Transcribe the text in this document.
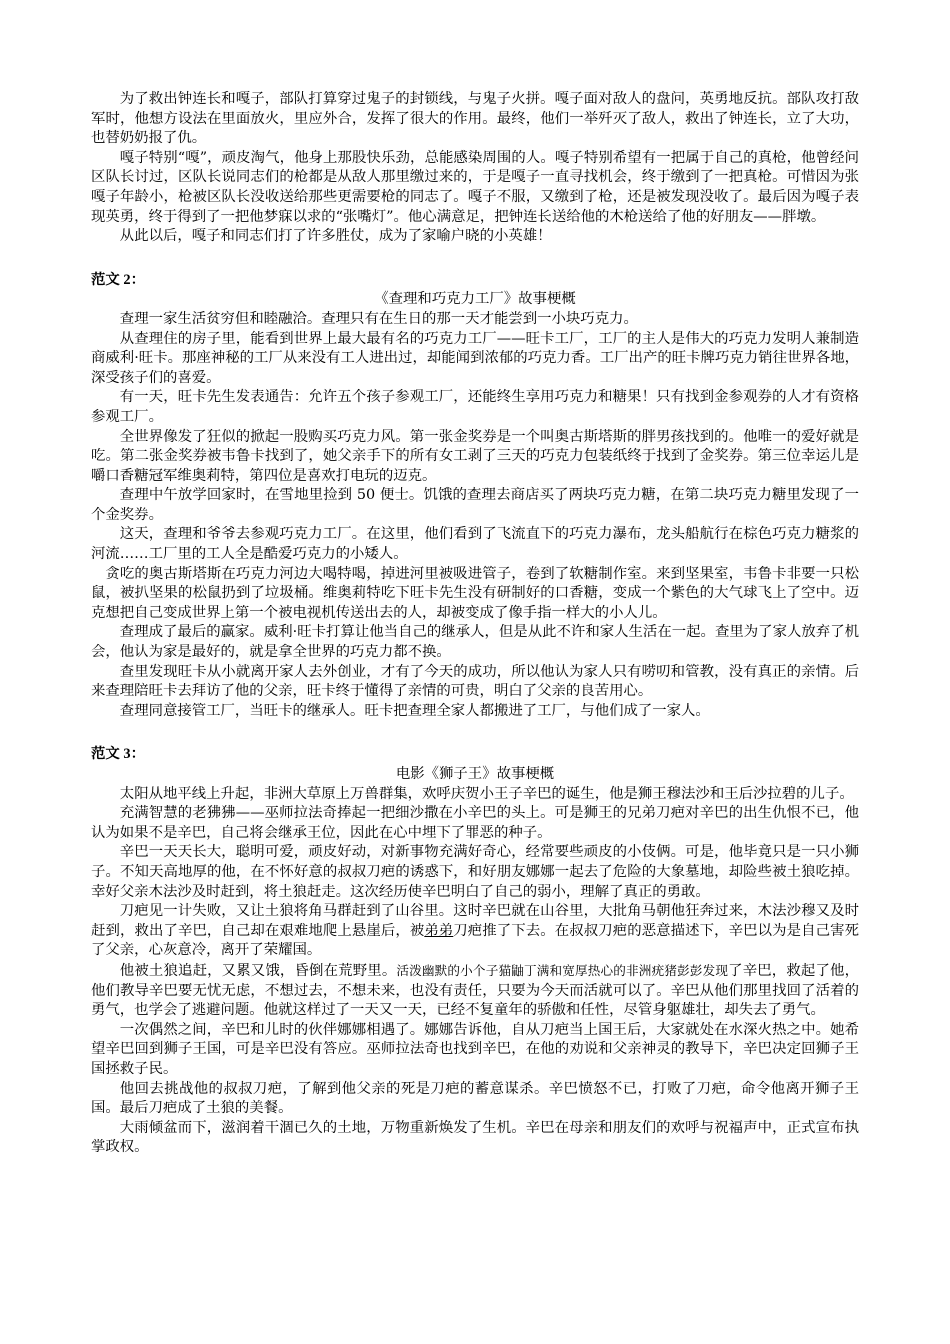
为了救出钟连长和嘎子，部队打算穿过鬼子的封锁线，与鬼子火拼。嘎子面对敌人的盘问，英勇地反抗。部队攻打敌军时，他想方设法在里面放火，里应外合，发挥了很大的作用。最终，他们一举歼灭了敌人，救出了钟连长，立了大功，也替奶奶报了仇。

嘎子特别“嘎”，顽皮淘气，他身上那股快乐劲，总能感染周围的人。嘎子特别希望有一把属于自己的真枪，他曾经问区队长讨过，区队长说同志们的枪都是从敌人那里缴过来的，于是嘎子一直寻找机会，终于缴到了一把真枪。可惜因为张嘎子年龄小，枪被区队长没收送给那些更需要枪的同志了。嘎子不服，又缴到了枪，还是被发现没收了。最后因为嘎子表现英勇，终于得到了一把他梦寐以求的“张嘴灯”。他心满意足，把钟连长送给他的木枪送给了他的好朋友——胖墩。

从此以后，嘎子和同志们打了许多胜仗，成为了家喻户晓的小英雄！

范文 2：

《查理和巧克力工厂》故事梗概

查理一家生活贫穷但和睦融洽。查理只有在生日的那一天才能尝到一小块巧克力。

从查理住的房子里，能看到世界上最大最有名的巧克力工厂——旺卡工厂，工厂的主人是伟大的巧克力发明人兼制造商威利·旺卡。那座神秘的工厂从来没有工人进出过，却能闻到浓郁的巧克力香。工厂出产的旺卡牌巧克力销往世界各地，深受孩子们的喜爱。

有一天，旺卡先生发表通告：允许五个孩子参观工厂，还能终生享用巧克力和糖果！只有找到金参观券的人才有资格参观工厂。

全世界像发了狂似的掀起一股购买巧克力风。第一张金奖券是一个叫奥古斯塔斯的胖男孩找到的。他唯一的爱好就是吃。第二张金奖券被韦鲁卡找到了，她父亲手下的所有女工剥了三天的巧克力包装纸终于找到了金奖券。第三位幸运儿是嚼口香糖冠军维奥莉特，第四位是喜欢打电玩的迈克。

查理中午放学回家时，在雪地里捡到 50 便士。饥饿的查理去商店买了两块巧克力糖，在第二块巧克力糖里发现了一个金奖券。

这天，查理和爷爷去参观巧克力工厂。在这里，他们看到了飞流直下的巧克力瀑布，龙头船航行在棕色巧克力糖浆的河流……工厂里的工人全是酷爱巧克力的小矮人。

贪吃的奥古斯塔斯在巧克力河边大喝特喝，掉进河里被吸进管子，卷到了软糖制作室。来到坚果室，韦鲁卡非要一只松鼠，被扒坚果的松鼠扔到了垃圾桶。维奥莉特吃下旺卡先生没有研制好的口香糖，变成一个紫色的大气球飞上了空中。迈克想把自己变成世界上第一个被电视机传送出去的人，却被变成了像手指一样大的小人儿。

查理成了最后的赢家。威利·旺卡打算让他当自己的继承人，但是从此不许和家人生活在一起。查里为了家人放弃了机会，他认为家是最好的，就是拿全世界的巧克力都不换。

查里发现旺卡从小就离开家人去外创业，才有了今天的成功，所以他认为家人只有唠叨和管教，没有真正的亲情。后来查理陪旺卡去拜访了他的父亲，旺卡终于懂得了亲情的可贵，明白了父亲的良苦用心。

查理同意接管工厂，当旺卡的继承人。旺卡把查理全家人都搬进了工厂，与他们成了一家人。

范文 3：

电影《狮子王》故事梗概

太阳从地平线上升起，非洲大草原上万兽群集，欢呼庆贺小王子辛巴的诞生，他是狮王穆法沙和王后沙拉碧的儿子。

充满智慧的老狒狒——巫师拉法奇捧起一把细沙撒在小辛巴的头上。可是狮王的兄弟刀疤对辛巴的出生仇恨不已，他认为如果不是辛巴，自己将会继承王位，因此在心中埋下了罪恶的种子。

辛巴一天天长大，聪明可爱，顽皮好动，对新事物充满好奇心，经常要些顽皮的小伎俩。可是，他毕竟只是一只小狮子。不知天高地厚的他，在不怀好意的叔叔刀疤的诱惑下，和好朋友娜娜一起去了危险的大象墓地，却险些被土狼吃掉。幸好父亲木法沙及时赶到，将土狼赶走。这次经历使辛巴明白了自己的弱小，理解了真正的勇敢。

刀疤见一计失败，又让土狼将角马群赶到了山谷里。这时辛巴就在山谷里，大批角马朝他狂奔过来，木法沙穆又及时赶到，救出了辛巴，自己却在艰难地爬上悬崖后，被弟弟刀疤推了下去。在叔叔刀疤的恶意描述下，辛巴以为是自己害死了父亲，心灰意冷，离开了荣耀国。

他被土狼追赶，又累又饿，昏倒在荒野里。活泼幽默的小个子猫鼬丁满和宽厚热心的非洲疣猪彭彭发现了辛巴，救起了他，他们教导辛巴要无忧无虑，不想过去，不想未来，也没有责任，只要为今天而活就可以了。辛巴从他们那里找回了活着的勇气，也学会了逃避问题。他就这样过了一天又一天，已经不复童年的骄傲和任性，尽管身躯雄壮，却失去了勇气。

一次偶然之间，辛巴和儿时的伙伴娜娜相遇了。娜娜告诉他，自从刀疤当上国王后，大家就处在水深火热之中。她希望辛巴回到狮子王国，可是辛巴没有答应。巫师拉法奇也找到辛巴，在他的劝说和父亲神灵的教导下，辛巴决定回狮子王国拯救子民。

他回去挑战他的叔叔刀疤，了解到他父亲的死是刀疤的蓄意谋杀。辛巴愤怒不已，打败了刀疤，命令他离开狮子王国。最后刀疤成了土狼的美餐。

大雨倾盆而下，滋润着干涸已久的土地，万物重新焕发了生机。辛巴在母亲和朋友们的欢呼与祝福声中，正式宣布执掌政权。
